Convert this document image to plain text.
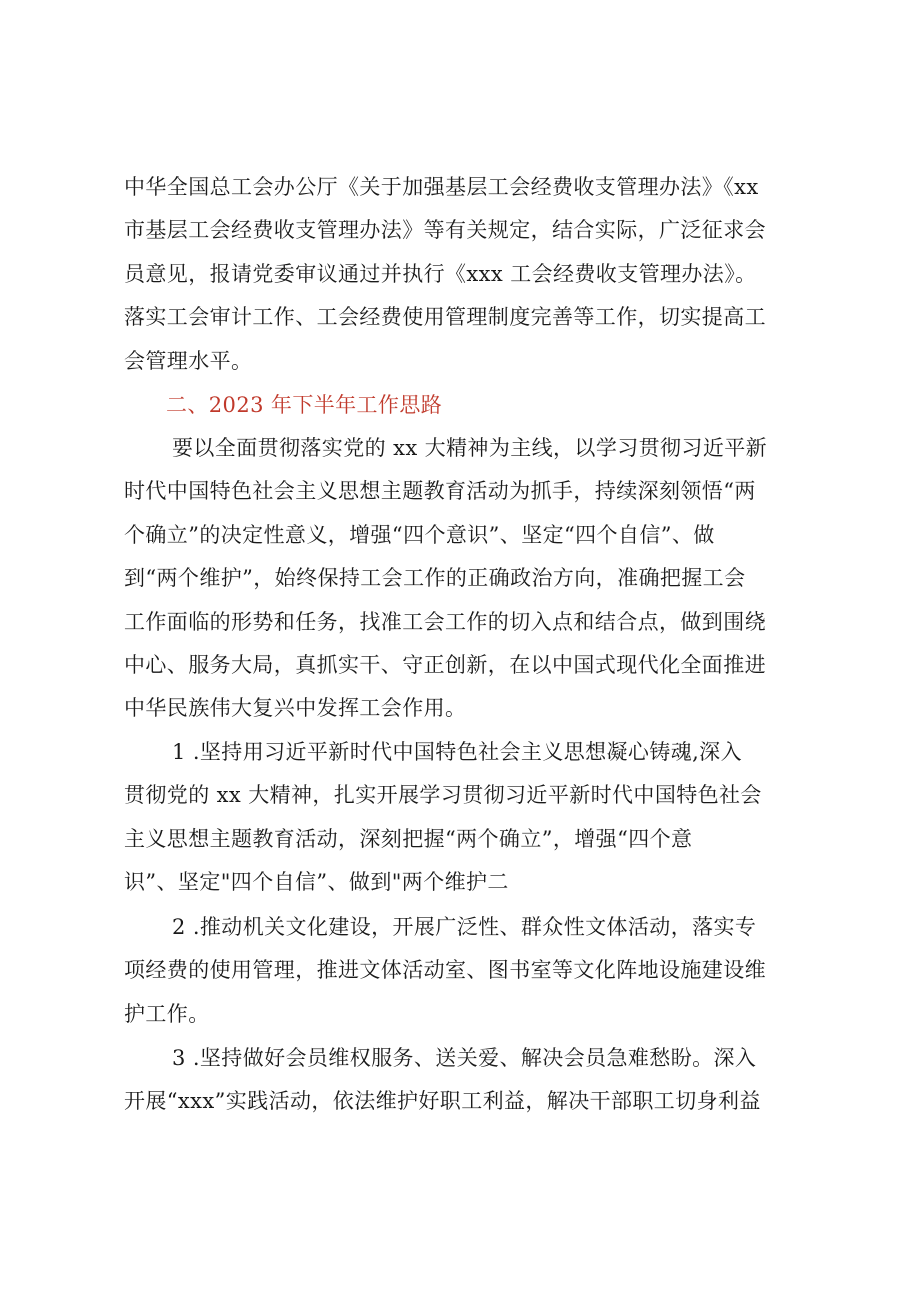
中华全国总工会办公厅《关于加强基层工会经费收支管理办法》《xx
市基层工会经费收支管理办法》等有关规定，结合实际，广泛征求会
员意见，报请党委审议通过并执行《xxx 工会经费收支管理办法》。
落实工会审计工作、工会经费使用管理制度完善等工作，切实提高工
会管理水平。
二、2023 年下半年工作思路
要以全面贯彻落实党的 xx 大精神为主线，以学习贯彻习近平新
时代中国特色社会主义思想主题教育活动为抓手，持续深刻领悟“两
个确立”的决定性意义，增强“四个意识”、坚定“四个自信”、做
到“两个维护”，始终保持工会工作的正确政治方向，准确把握工会
工作面临的形势和任务，找准工会工作的切入点和结合点，做到围绕
中心、服务大局，真抓实干、守正创新，在以中国式现代化全面推进
中华民族伟大复兴中发挥工会作用。
1 .坚持用习近平新时代中国特色社会主义思想凝心铸魂,深入
贯彻党的 xx 大精神，扎实开展学习贯彻习近平新时代中国特色社会
主义思想主题教育活动，深刻把握“两个确立”，增强“四个意
识”、坚定"四个自信”、做到"两个维护二
2 .推动机关文化建设，开展广泛性、群众性文体活动，落实专
项经费的使用管理，推进文体活动室、图书室等文化阵地设施建设维
护工作。
3 .坚持做好会员维权服务、送关爱、解决会员急难愁盼。深入
开展“xxx”实践活动，依法维护好职工利益，解决干部职工切身利益
